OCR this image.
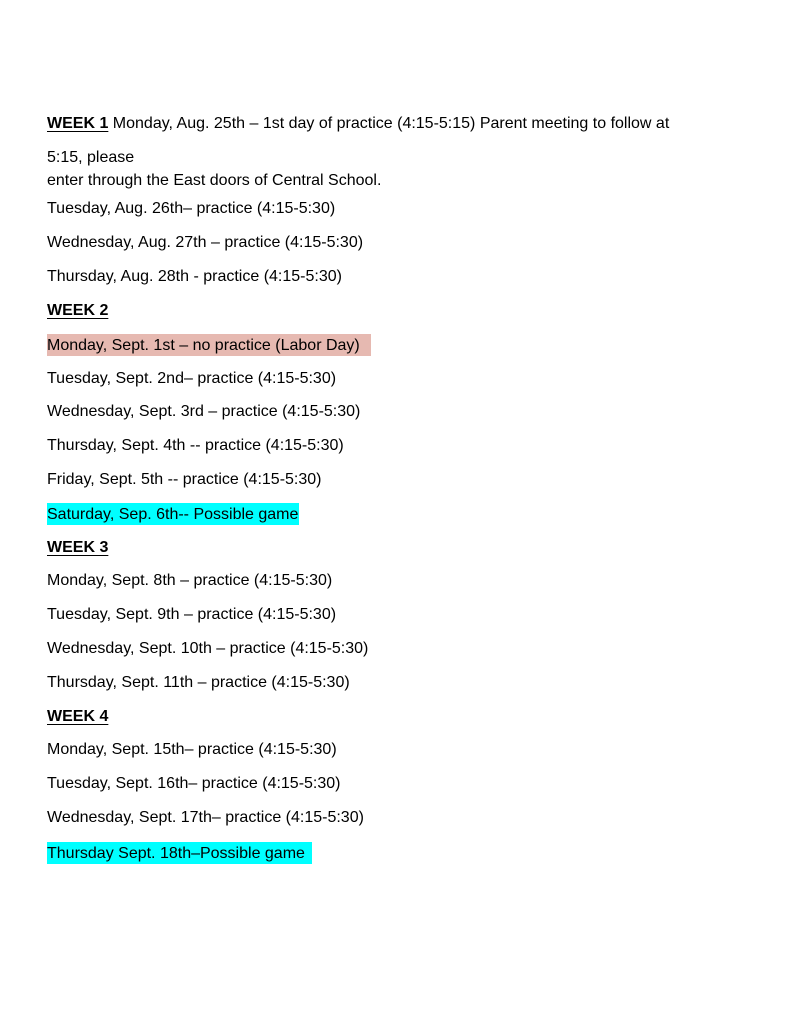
WEEK 1 Monday, Aug. 25th – 1st day of practice (4:15-5:15) Parent meeting to follow at
5:15, please
enter through the East doors of Central School.
Tuesday, Aug. 26th– practice (4:15-5:30)
Wednesday, Aug. 27th – practice (4:15-5:30)
Thursday, Aug. 28th - practice (4:15-5:30)
WEEK 2
Monday, Sept. 1st – no practice (Labor Day)
Tuesday, Sept. 2nd– practice (4:15-5:30)
Wednesday, Sept. 3rd – practice (4:15-5:30)
Thursday, Sept. 4th -- practice (4:15-5:30)
Friday, Sept. 5th -- practice (4:15-5:30)
Saturday, Sep. 6th-- Possible game
WEEK 3
Monday, Sept. 8th – practice (4:15-5:30)
Tuesday, Sept. 9th – practice (4:15-5:30)
Wednesday, Sept. 10th – practice (4:15-5:30)
Thursday, Sept. 11th – practice (4:15-5:30)
WEEK 4
Monday, Sept. 15th– practice (4:15-5:30)
Tuesday, Sept. 16th– practice (4:15-5:30)
Wednesday, Sept. 17th– practice (4:15-5:30)
Thursday Sept. 18th–Possible game
